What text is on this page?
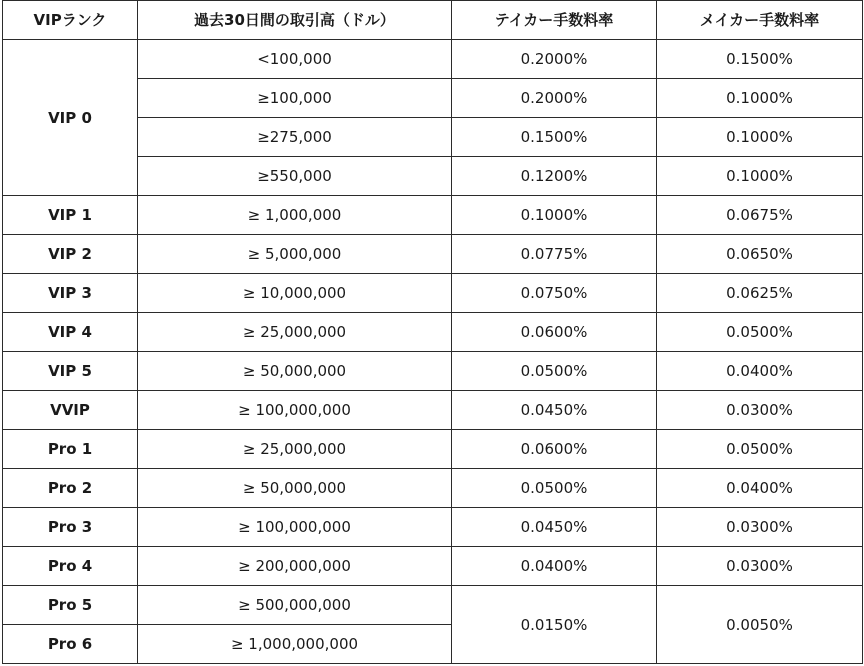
VIPランク	過去30日間の取引高（ドル）	テイカー手数料率	メイカー手数料率
VIP 0	<100,000	0.2000%	0.1500%
	≥100,000	0.2000%	0.1000%
	≥275,000	0.1500%	0.1000%
	≥550,000	0.1200%	0.1000%
VIP 1	≥ 1,000,000	0.1000%	0.0675%
VIP 2	≥ 5,000,000	0.0775%	0.0650%
VIP 3	≥ 10,000,000	0.0750%	0.0625%
VIP 4	≥ 25,000,000	0.0600%	0.0500%
VIP 5	≥ 50,000,000	0.0500%	0.0400%
VVIP	≥ 100,000,000	0.0450%	0.0300%
Pro 1	≥ 25,000,000	0.0600%	0.0500%
Pro 2	≥ 50,000,000	0.0500%	0.0400%
Pro 3	≥ 100,000,000	0.0450%	0.0300%
Pro 4	≥ 200,000,000	0.0400%	0.0300%
Pro 5	≥ 500,000,000	0.0150%	0.0050%
Pro 6	≥ 1,000,000,000		
